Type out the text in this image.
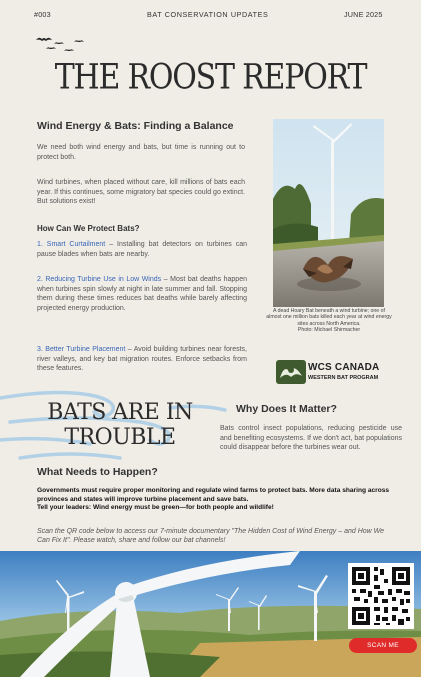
#003	BAT CONSERVATION UPDATES	JUNE 2025
THE ROOST REPORT
Wind Energy & Bats: Finding a Balance

We need both wind energy and bats, but time is running out to protect both.

Wind turbines, when placed without care, kill millions of bats each year. If this continues, some migratory bat species could go extinct. But solutions exist!

How Can We Protect Bats?

1. Smart Curtailment – Installing bat detectors on turbines can pause blades when bats are nearby.

2. Reducing Turbine Use in Low Winds – Most bat deaths happen when turbines spin slowly at night in late summer and fall. Stopping them during these times reduces bat deaths while barely affecting projected energy production.

3. Better Turbine Placement – Avoid building turbines near forests, river valleys, and key bat migration routes. Enforce setbacks from these features.

A dead Hoary Bat beneath a wind turbine; one of almost one million bats killed each year at wind energy sites across North America.
Photo: Michael Shirmacher
WCS CANADA
WESTERN BAT PROGRAM
BATS ARE IN
TROUBLE
Why Does It Matter?

Bats control insect populations, reducing pesticide use and benefiting ecosystems. If we don't act, bat populations could disappear before the turbines wear out.

What Needs to Happen?
Governments must require proper monitoring and regulate wind farms to protect bats. More data sharing across provinces and states will improve turbine placement and save bats.
Tell your leaders: Wind energy must be green—for both people and wildlife!

Scan the QR code below to access our 7-minute documentary "The Hidden Cost of Wind Energy – and How We Can Fix It". Please watch, share and follow our bat channels!

SCAN ME
